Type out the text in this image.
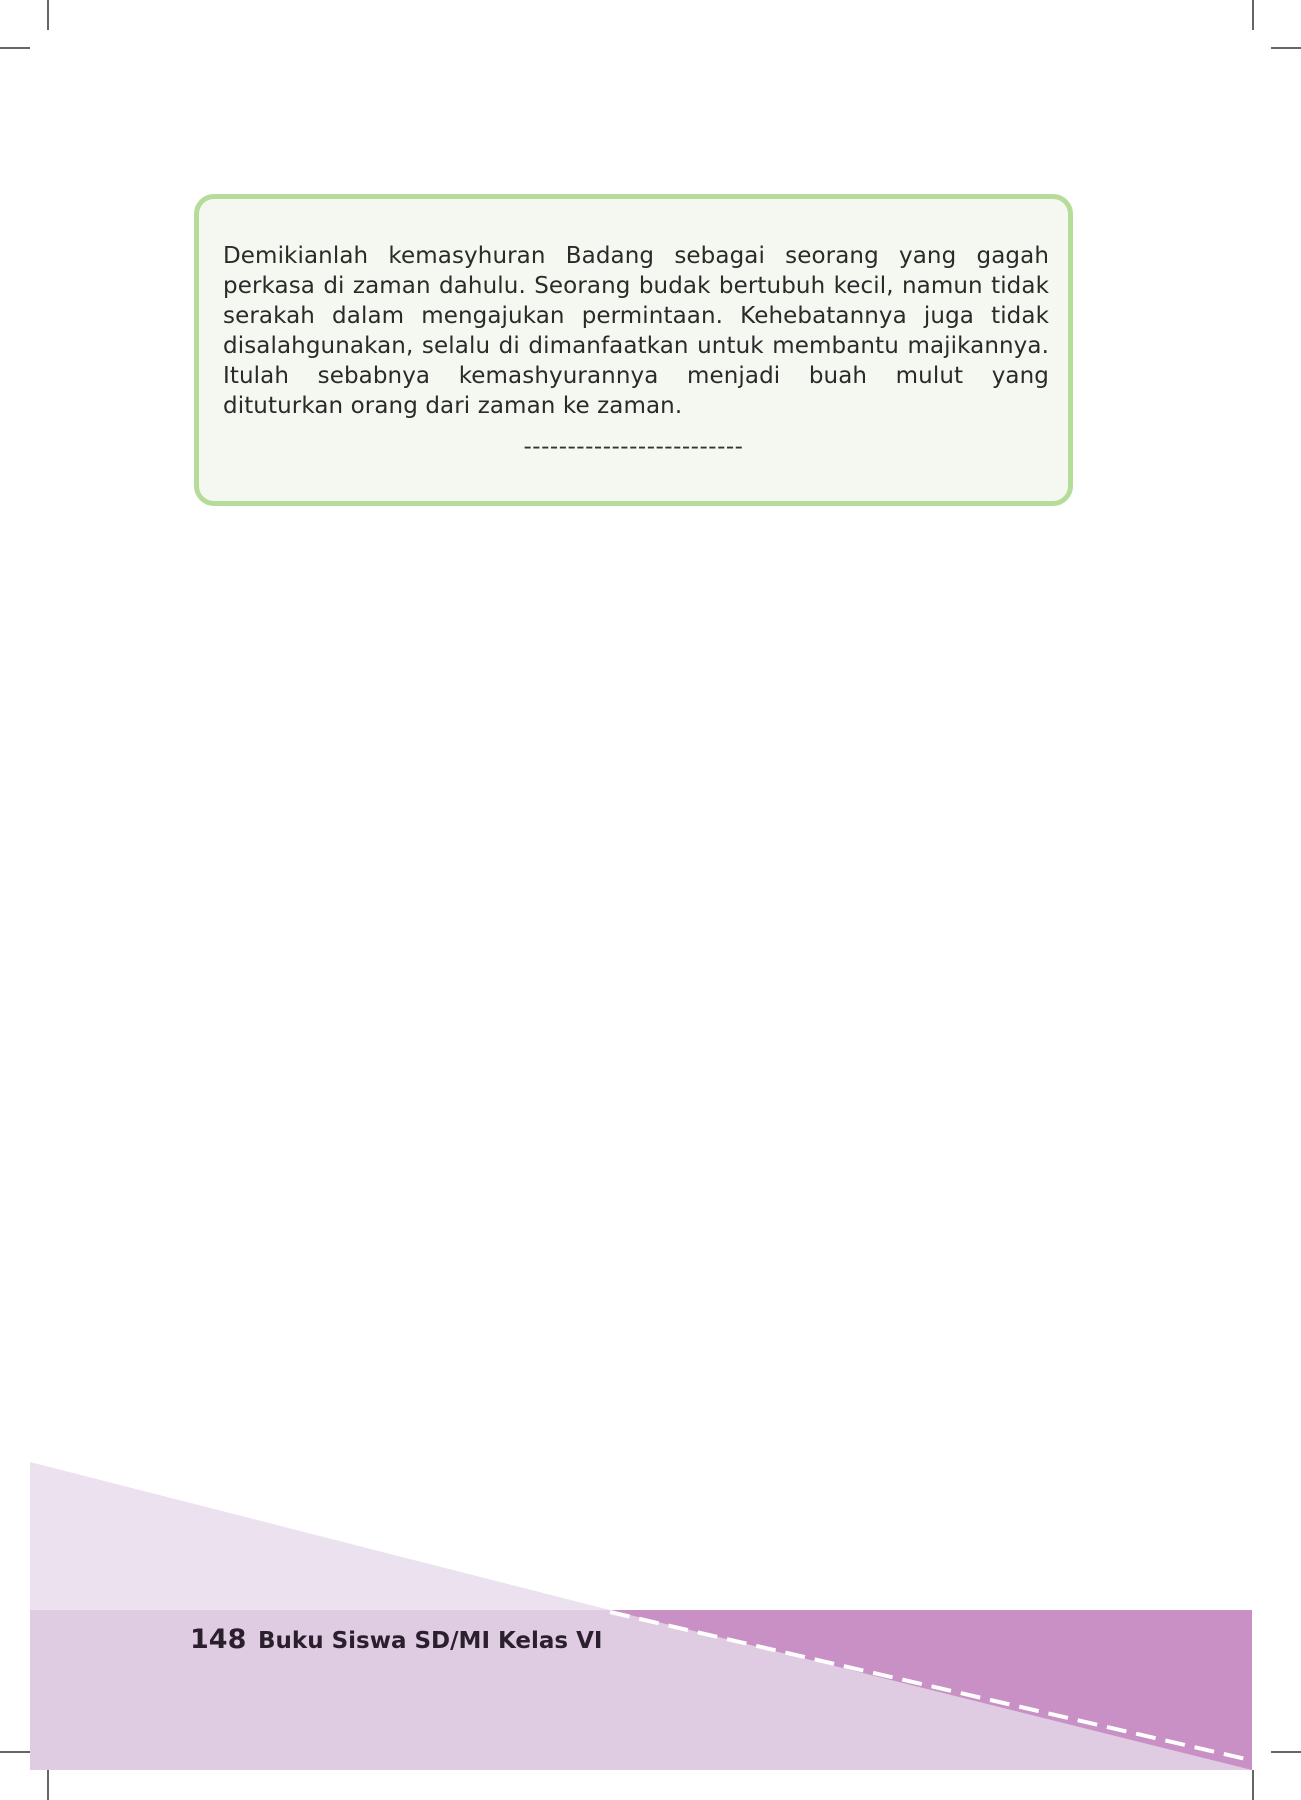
Demikianlah kemasyhuran Badang sebagai seorang yang gagah perkasa di zaman dahulu. Seorang budak bertubuh kecil, namun tidak serakah dalam mengajukan permintaan. Kehebatannya juga tidak disalahgunakan, selalu di dimanfaatkan untuk membantu majikannya. Itulah sebabnya kemashyurannya menjadi buah mulut yang dituturkan orang dari zaman ke zaman.

-------------------------
148 Buku Siswa SD/MI Kelas VI
